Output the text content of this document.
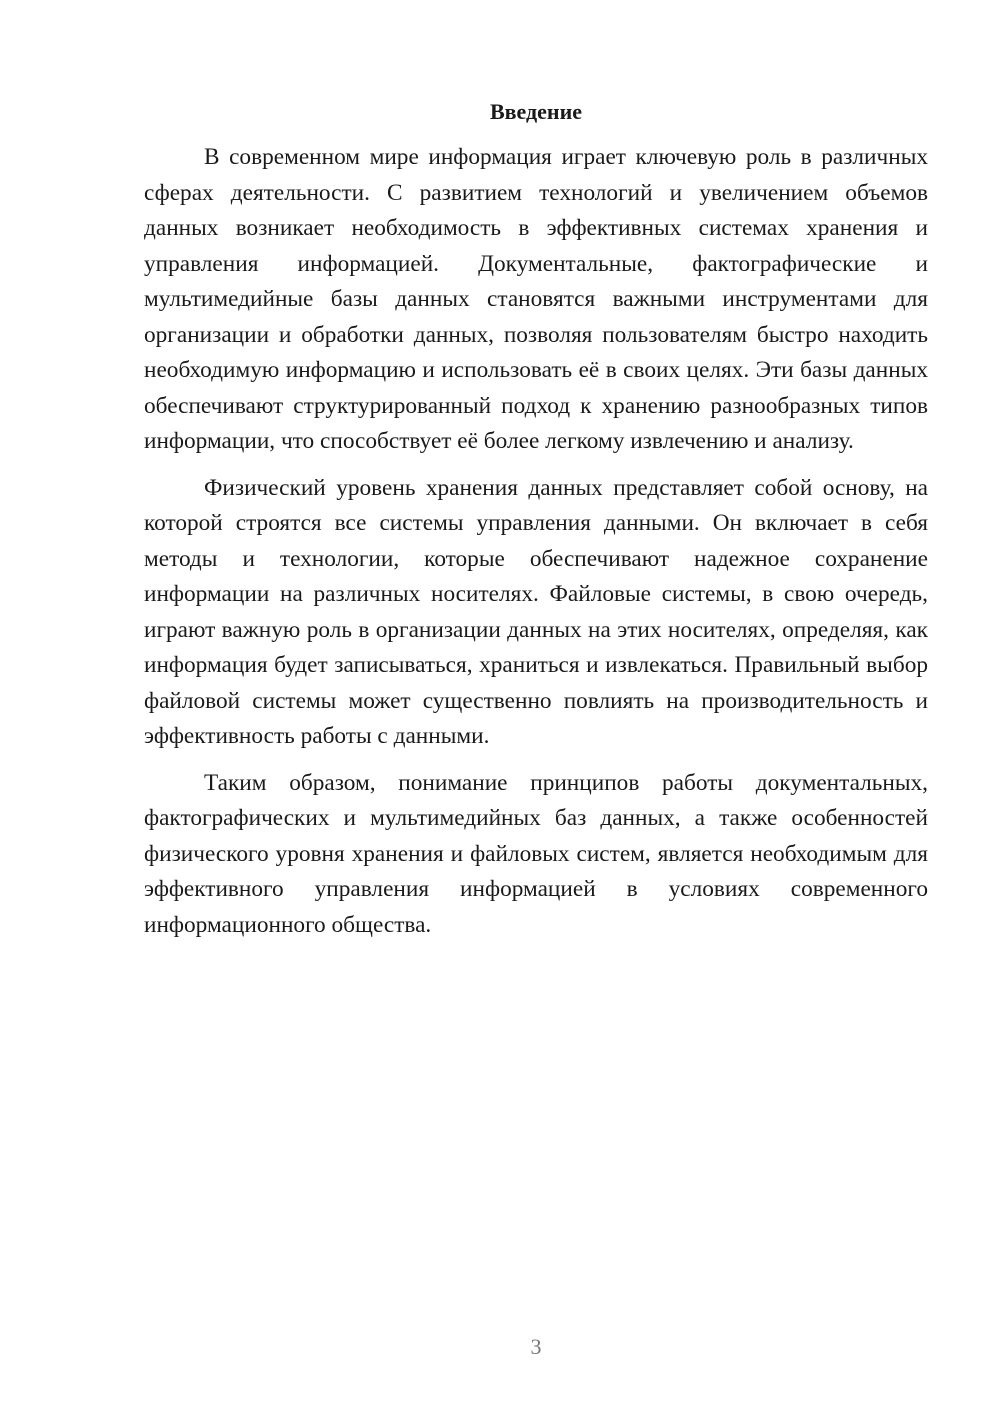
Введение

В современном мире информация играет ключевую роль в различных сферах деятельности. С развитием технологий и увеличением объемов данных возникает необходимость в эффективных системах хранения и управления информацией. Документальные, фактографические и мультимедийные базы данных становятся важными инструментами для организации и обработки данных, позволяя пользователям быстро находить необходимую информацию и использовать её в своих целях. Эти базы данных обеспечивают структурированный подход к хранению разнообразных типов информации, что способствует её более легкому извлечению и анализу.

Физический уровень хранения данных представляет собой основу, на которой строятся все системы управления данными. Он включает в себя методы и технологии, которые обеспечивают надежное сохранение информации на различных носителях. Файловые системы, в свою очередь, играют важную роль в организации данных на этих носителях, определяя, как информация будет записываться, храниться и извлекаться. Правильный выбор файловой системы может существенно повлиять на производительность и эффективность работы с данными.

Таким образом, понимание принципов работы документальных, фактографических и мультимедийных баз данных, а также особенностей физического уровня хранения и файловых систем, является необходимым для эффективного управления информацией в условиях современного информационного общества.

3
